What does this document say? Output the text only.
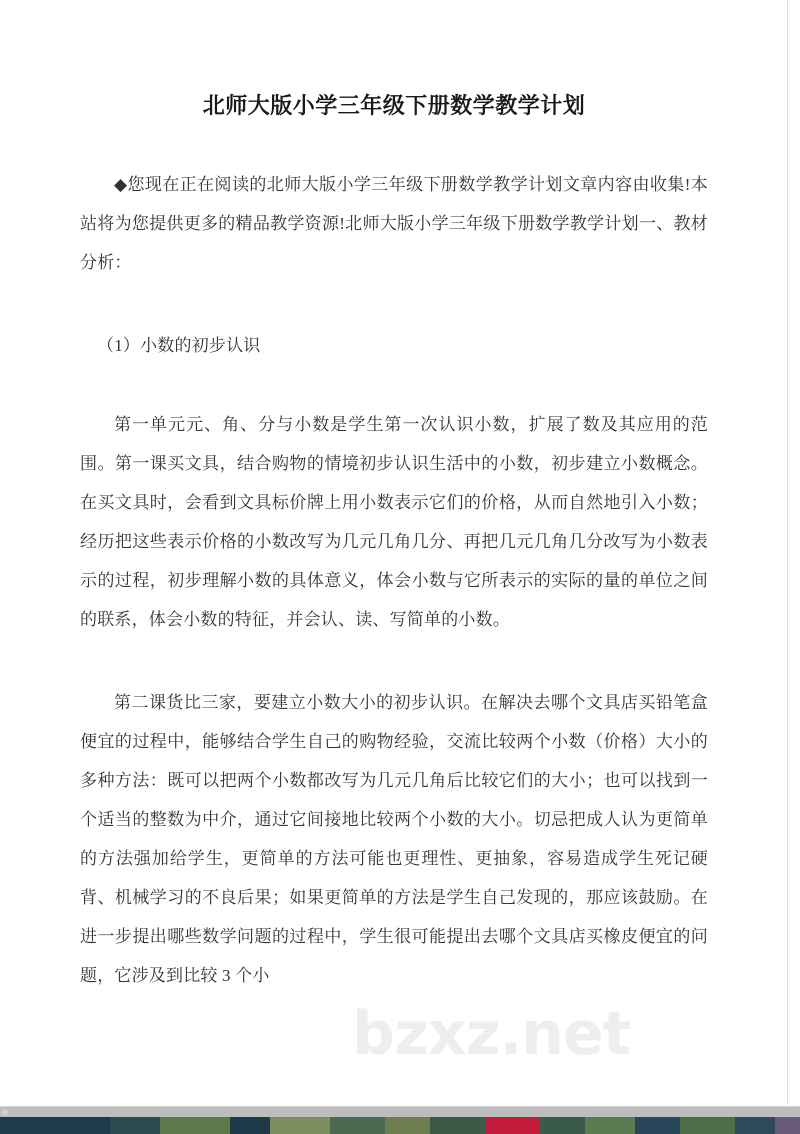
北师大版小学三年级下册数学教学计划

◆您现在正在阅读的北师大版小学三年级下册数学教学计划文章内容由收集!本站将为您提供更多的精品教学资源!北师大版小学三年级下册数学教学计划一、教材分析：

（1）小数的初步认识

第一单元元、角、分与小数是学生第一次认识小数，扩展了数及其应用的范围。第一课买文具，结合购物的情境初步认识生活中的小数，初步建立小数概念。在买文具时，会看到文具标价牌上用小数表示它们的价格，从而自然地引入小数；经历把这些表示价格的小数改写为几元几角几分、再把几元几角几分改写为小数表示的过程，初步理解小数的具体意义，体会小数与它所表示的实际的量的单位之间的联系，体会小数的特征，并会认、读、写简单的小数。

第二课货比三家，要建立小数大小的初步认识。在解决去哪个文具店买铅笔盒便宜的过程中，能够结合学生自己的购物经验，交流比较两个小数（价格）大小的多种方法：既可以把两个小数都改写为几元几角后比较它们的大小；也可以找到一个适当的整数为中介，通过它间接地比较两个小数的大小。切忌把成人认为更简单的方法强加给学生，更简单的方法可能也更理性、更抽象，容易造成学生死记硬背、机械学习的不良后果；如果更简单的方法是学生自己发现的，那应该鼓励。在进一步提出哪些数学问题的过程中，学生很可能提出去哪个文具店买橡皮便宜的问题，它涉及到比较 3 个小

bzxz.net
